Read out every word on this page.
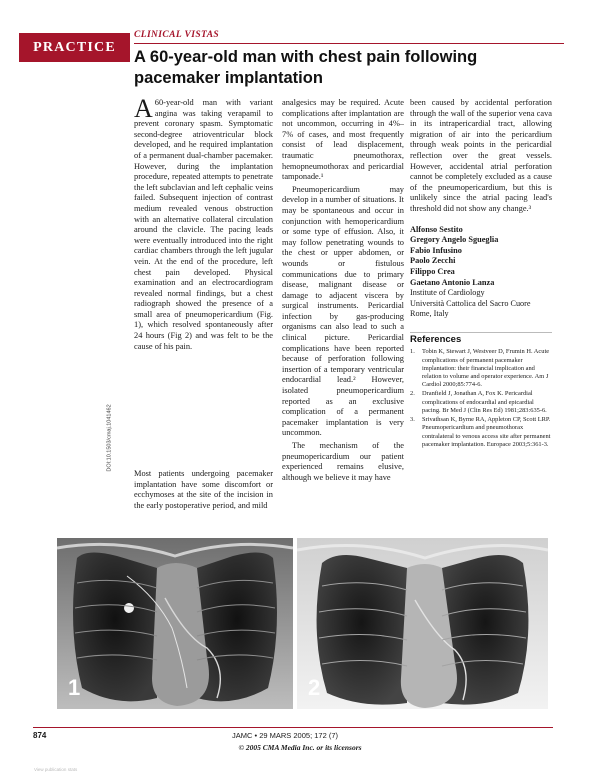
PRACTICE
CLINICAL VISTAS
A 60-year-old man with chest pain following pacemaker implantation
DOI:10.1503/cmaj.1041462

A60-year-old man with variant angina was taking verapamil to prevent coronary spasm. Symptomatic second-degree atrioventricular block developed, and he required implantation of a permanent dual-chamber pacemaker. However, during the implantation procedure, repeated attempts to penetrate the left subclavian and left cephalic veins failed. Subsequent injection of contrast medium revealed venous obstruction with an alternative collateral circulation around the clavicle. The pacing leads were eventually introduced into the right cardiac chambers through the left jugular vein. At the end of the procedure, left chest pain developed. Physical examination and an electrocardiogram revealed normal findings, but a chest radiograph showed the presence of a small area of pneumopericardium (Fig. 1), which resolved spontaneously after 24 hours (Fig 2) and was felt to be the cause of his pain.

Most patients undergoing pacemaker implantation have some discomfort or ecchymoses at the site of the incision in the early postoperative period, and mild

analgesics may be required. Acute complications after implantation are not uncommon, occurring in 4%–7% of cases, and most frequently consist of lead displacement, traumatic pneumothorax, hemopneumothorax and pericardial tamponade.¹

Pneumopericardium may develop in a number of situations. It may be spontaneous and occur in conjunction with hemopericardium or some type of effusion. Also, it may follow penetrating wounds to the chest or upper abdomen, or wounds or fistulous communications due to primary disease, malignant disease or damage to adjacent viscera by surgical instruments. Pericardial infection by gas-producing organisms can also lead to such a clinical picture. Pericardial complications have been reported because of perforation following insertion of a temporary ventricular endocardial lead.² However, isolated pneumopericardium reported as an exclusive complication of a permanent pacemaker implantation is very uncommon.

The mechanism of the pneumopericardium our patient experienced remains elusive, although we believe it may have

been caused by accidental perforation through the wall of the superior vena cava in its intrapericardial tract, allowing migration of air into the pericardium through weak points in the pericardial reflection over the great vessels. However, accidental atrial perforation cannot be completely excluded as a cause of the pneumopericardium, but this is unlikely since the atrial pacing lead's threshold did not show any change.³

Alfonso Sestito
Gregory Angelo Sgueglia
Fabio Infusino
Paolo Zecchi
Filippo Crea
Gaetano Antonio Lanza
Institute of Cardiology
Università Cattolica del Sacro Cuore
Rome, Italy
References
1. Tobin K, Stewart J, Westveer D, Frumin H. Acute complications of permanent pacemaker implantation: their financial implication and relation to volume and operator experience. Am J Cardiol 2000;85:774-6.
2. Dranfield J, Jonathan A, Fox K. Pericardial complications of endocardial and epicardial pacing. Br Med J (Clin Res Ed) 1981;283:635-6.
3. Srivathsan K, Byrne RA, Appleton CP, Scott LRP. Pneumopericardium and pneumothorax contralateral to venous access site after permanent pacemaker implantation. Europace 2003;5:361-3.
1	2
874	JAMC • 29 MARS 2005; 172 (7)
© 2005 CMA Media Inc. or its licensors
View publication stats
